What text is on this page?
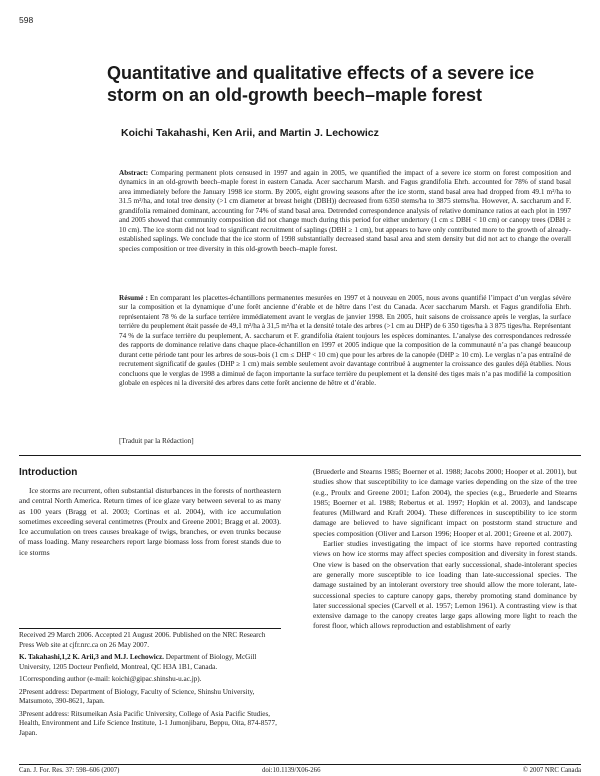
598
Quantitative and qualitative effects of a severe ice storm on an old-growth beech–maple forest
Koichi Takahashi, Ken Arii, and Martin J. Lechowicz

Abstract: Comparing permanent plots censused in 1997 and again in 2005, we quantified the impact of a severe ice storm on forest composition and dynamics in an old-growth beech–maple forest in eastern Canada. Acer saccharum Marsh. and Fagus grandifolia Ehrh. accounted for 78% of stand basal area immediately before the January 1998 ice storm. By 2005, eight growing seasons after the ice storm, stand basal area had dropped from 49.1 m²/ha to 31.5 m²/ha, and total tree density (>1 cm diameter at breast height (DBH)) decreased from 6350 stems/ha to 3875 stems/ha. However, A. saccharum and F. grandifolia remained dominant, accounting for 74% of stand basal area. Detrended correspondence analysis of relative dominance ratios at each plot in 1997 and 2005 showed that community composition did not change much during this period for either undertory (1 cm ≤ DBH < 10 cm) or canopy trees (DBH ≥ 10 cm). The ice storm did not lead to significant recruitment of saplings (DBH ≥ 1 cm), but appears to have only contributed more to the growth of already-established saplings. We conclude that the ice storm of 1998 substantially decreased stand basal area and stem density but did not act to change the overall species composition or tree diversity in this old-growth beech–maple forest.

Résumé : En comparant les placettes-échantillons permanentes mesurées en 1997 et à nouveau en 2005, nous avons quantifié l’impact d’un verglas sévère sur la composition et la dynamique d’une forêt ancienne d’érable et de hêtre dans l’est du Canada. Acer saccharum Marsh. et Fagus grandifolia Ehrh. représentaient 78 % de la surface terrière immédiatement avant le verglas de janvier 1998. En 2005, huit saisons de croissance après le verglas, la surface terrière du peuplement était passée de 49,1 m²/ha à 31,5 m²/ha et la densité totale des arbres (>1 cm au DHP) de 6 350 tiges/ha à 3 875 tiges/ha. Représentant 74 % de la surface terrière du peuplement, A. saccharum et F. grandifolia étaient toujours les espèces dominantes. L’analyse des correspondances redressée des rapports de dominance relative dans chaque place-échantillon en 1997 et 2005 indique que la composition de la communauté n’a pas changé beaucoup durant cette période tant pour les arbres de sous-bois (1 cm ≤ DHP < 10 cm) que pour les arbres de la canopée (DHP ≥ 10 cm). Le verglas n’a pas entraîné de recrutement significatif de gaules (DHP ≥ 1 cm) mais semble seulement avoir davantage contribué à augmenter la croissance des gaules déjà établies. Nous concluons que le verglas de 1998 a diminué de façon importante la surface terrière du peuplement et la densité des tiges mais n’a pas modifié la composition globale en espèces ni la diversité des arbres dans cette forêt ancienne de hêtre et d’érable.

[Traduit par la Rédaction]
Introduction

Ice storms are recurrent, often substantial disturbances in the forests of northeastern and central North America. Return times of ice glaze vary between several to as many as 100 years (Bragg et al. 2003; Cortinas et al. 2004), with ice accumulation sometimes exceeding several centimetres (Proulx and Greene 2001; Bragg et al. 2003). Ice accumulation on trees causes breakage of twigs, branches, or even trunks because of mass loading. Many researchers report large biomass loss from forest stands due to ice storms

Received 29 March 2006. Accepted 21 August 2006. Published on the NRC Research Press Web site at cjfr.nrc.ca on 26 May 2007.

K. Takahashi,1,2 K. Arii,3 and M.J. Lechowicz. Department of Biology, McGill University, 1205 Docteur Penfield, Montreal, QC H3A 1B1, Canada.

1Corresponding author (e-mail: koichi@gipac.shinshu-u.ac.jp).

2Present address: Department of Biology, Faculty of Science, Shinshu University, Matsumoto, 390-8621, Japan.

3Present address: Ritsumeikan Asia Pacific University, College of Asia Pacific Studies, Health, Environment and Life Science Institute, 1-1 Jumonjibaru, Beppu, Oita, 874-8577, Japan.

(Bruederle and Stearns 1985; Boerner et al. 1988; Jacobs 2000; Hooper et al. 2001), but studies show that susceptibility to ice damage varies depending on the size of the tree (e.g., Proulx and Greene 2001; Lafon 2004), the species (e.g., Bruederle and Stearns 1985; Boerner et al. 1988; Rebertus et al. 1997; Hopkin et al. 2003), and landscape features (Millward and Kraft 2004). These differences in susceptibility to ice storm damage are believed to have significant impact on poststorm stand structure and species composition (Oliver and Larson 1996; Hooper et al. 2001; Greene et al. 2007).

Earlier studies investigating the impact of ice storms have reported contrasting views on how ice storms may affect species composition and diversity in forest stands. One view is based on the observation that early successional, shade-intolerant species are generally more susceptible to ice loading than late-successional species. The damage sustained by an intolerant overstory tree should allow the more tolerant, late-successional species to capture canopy gaps, thereby promoting stand dominance by later successional species (Carvell et al. 1957; Lemon 1961). A contrasting view is that extensive damage to the canopy creates large gaps allowing more light to reach the forest floor, which allows reproduction and establishment of early

Can. J. For. Res. 37: 598–606 (2007)	doi:10.1139/X06-266	© 2007 NRC Canada
